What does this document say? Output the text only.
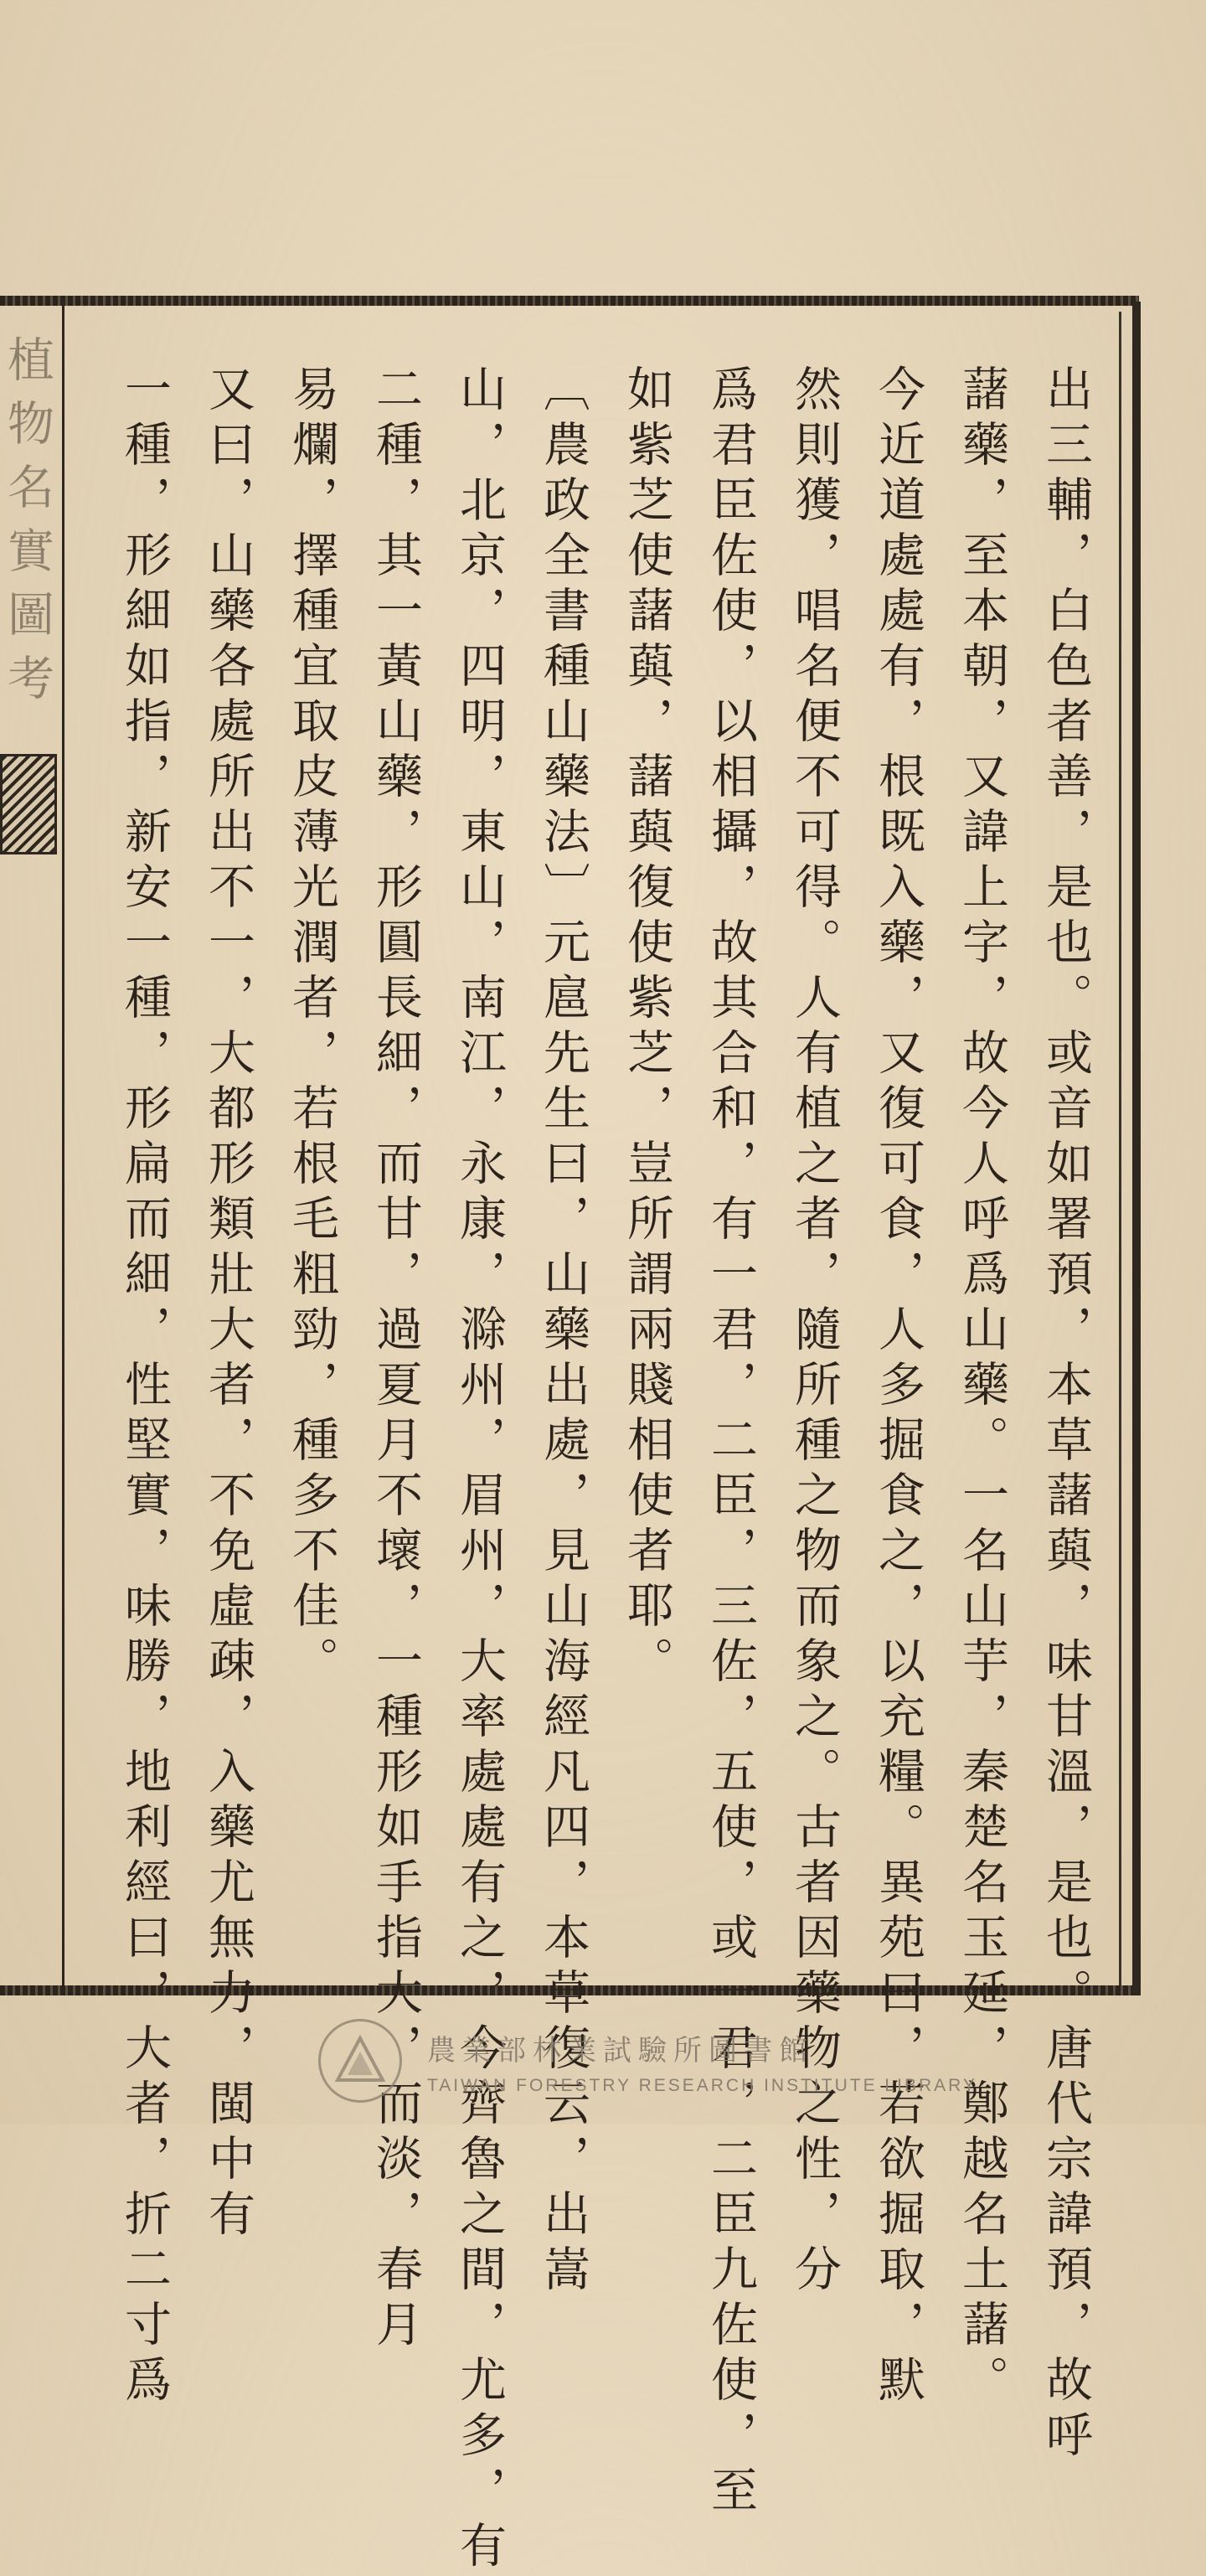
植物名實圖考	出三輔，白色者善，是也。或音如署預，本草藷藇，味甘溫，是也。唐代宗諱預，故呼
藷藥，至本朝，又諱上字，故今人呼爲山藥。一名山芋，秦楚名玉延，鄭越名土藷。
今近道處處有，根既入藥，又復可食，人多掘食之，以充糧。異苑曰，若欲掘取，默
然則獲，唱名便不可得。人有植之者，隨所種之物而象之。古者因藥物之性，分
爲君臣佐使，以相攝，故其合和，有一君，二臣，三佐，五使，或一君，二臣九佐使，至
如紫芝使藷藇，藷藇復使紫芝，豈所謂兩賤相使者耶。
〔農政全書種山藥法〕元扈先生曰，山藥出處，見山海經凡四，本草復云，出嵩
山，北京，四明，東山，南江，永康，滁州，眉州，大率處處有之，今齊魯之間，尤多，有
二種，其一黃山藥，形圓長細，而甘，過夏月不壞，一種形如手指大，而淡，春月
易爛，擇種宜取皮薄光潤者，若根毛粗勁，種多不佳。
又曰，山藥各處所出不一，大都形類壯大者，不免虛疎，入藥尤無力，閩中有
一種，形細如指，新安一種，形扁而細，性堅實，味勝，地利經曰，大者，折二寸爲	農業部林業試驗所圖書館
TAIWAN FORESTRY RESEARCH INSTITUTE LIBRARY
